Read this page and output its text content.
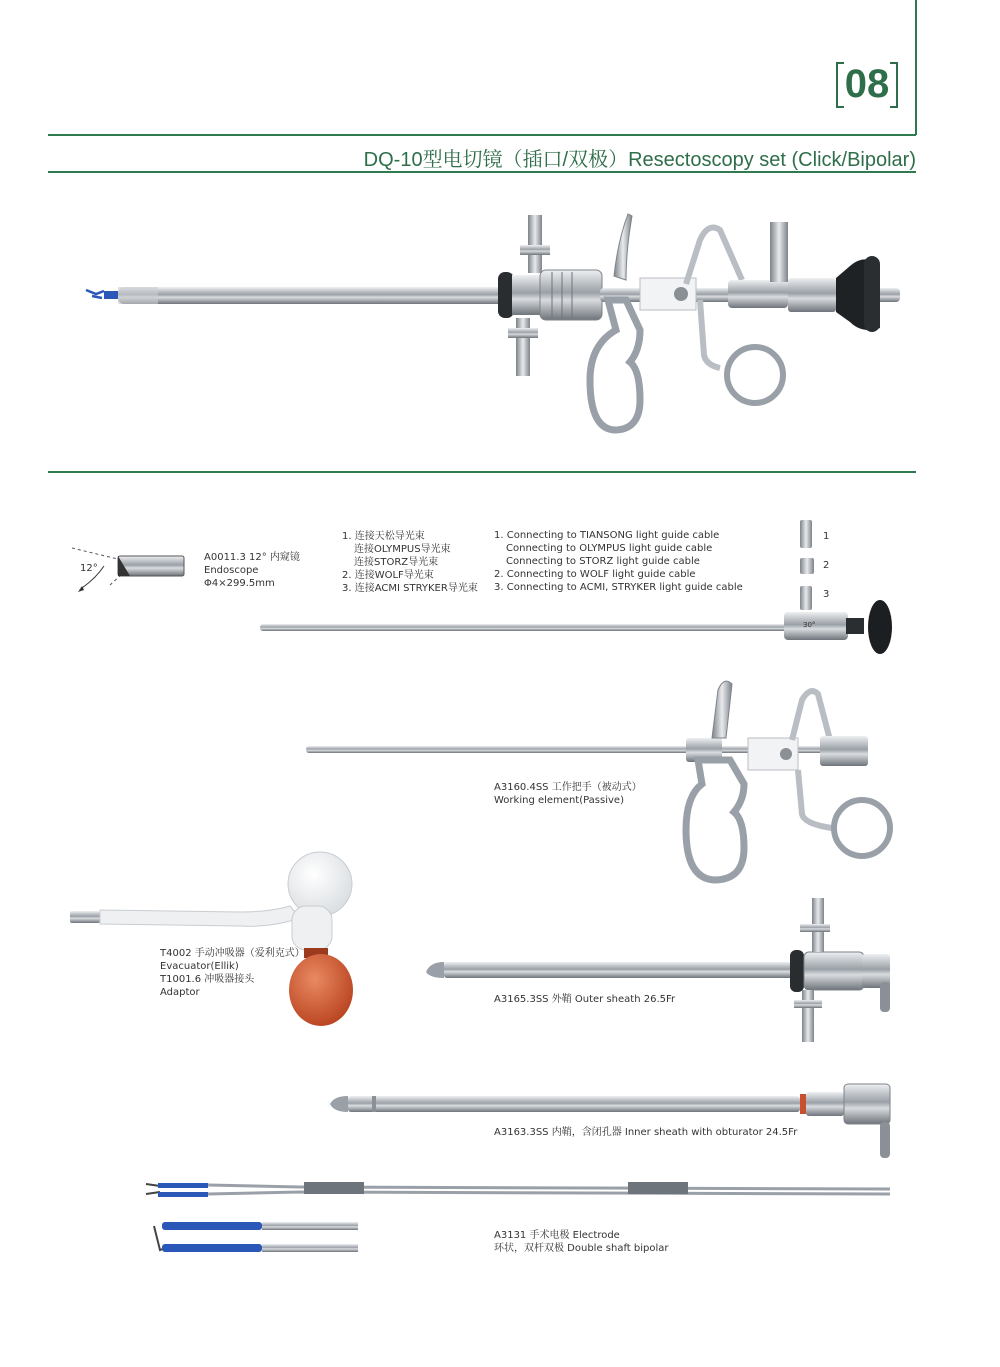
08
DQ-10型电切镜（插口/双极）Resectoscopy set (Click/Bipolar)
12°
A0011.3 12° 内窥镜
Endoscope
Φ4×299.5mm
1. 连接天松导光束
连接OLYMPUS导光束
连接STORZ导光束
2. 连接WOLF导光束
3. 连接ACMI STRYKER导光束
1. Connecting to TIANSONG light guide cable
Connecting to OLYMPUS light guide cable
Connecting to STORZ light guide cable
2. Connecting to WOLF light guide cable
3. Connecting to ACMI, STRYKER light guide cable
1
2
3
30°
A3160.4SS 工作把手（被动式）
Working element(Passive)
T4002 手动冲吸器（爱利克式）
Evacuator(Ellik)
T1001.6 冲吸器接头
Adaptor
A3165.3SS 外鞘 Outer sheath 26.5Fr
A3163.3SS 内鞘，含闭孔器 Inner sheath with obturator 24.5Fr
A3131 手术电极 Electrode
环状，双杆双极 Double shaft bipolar
